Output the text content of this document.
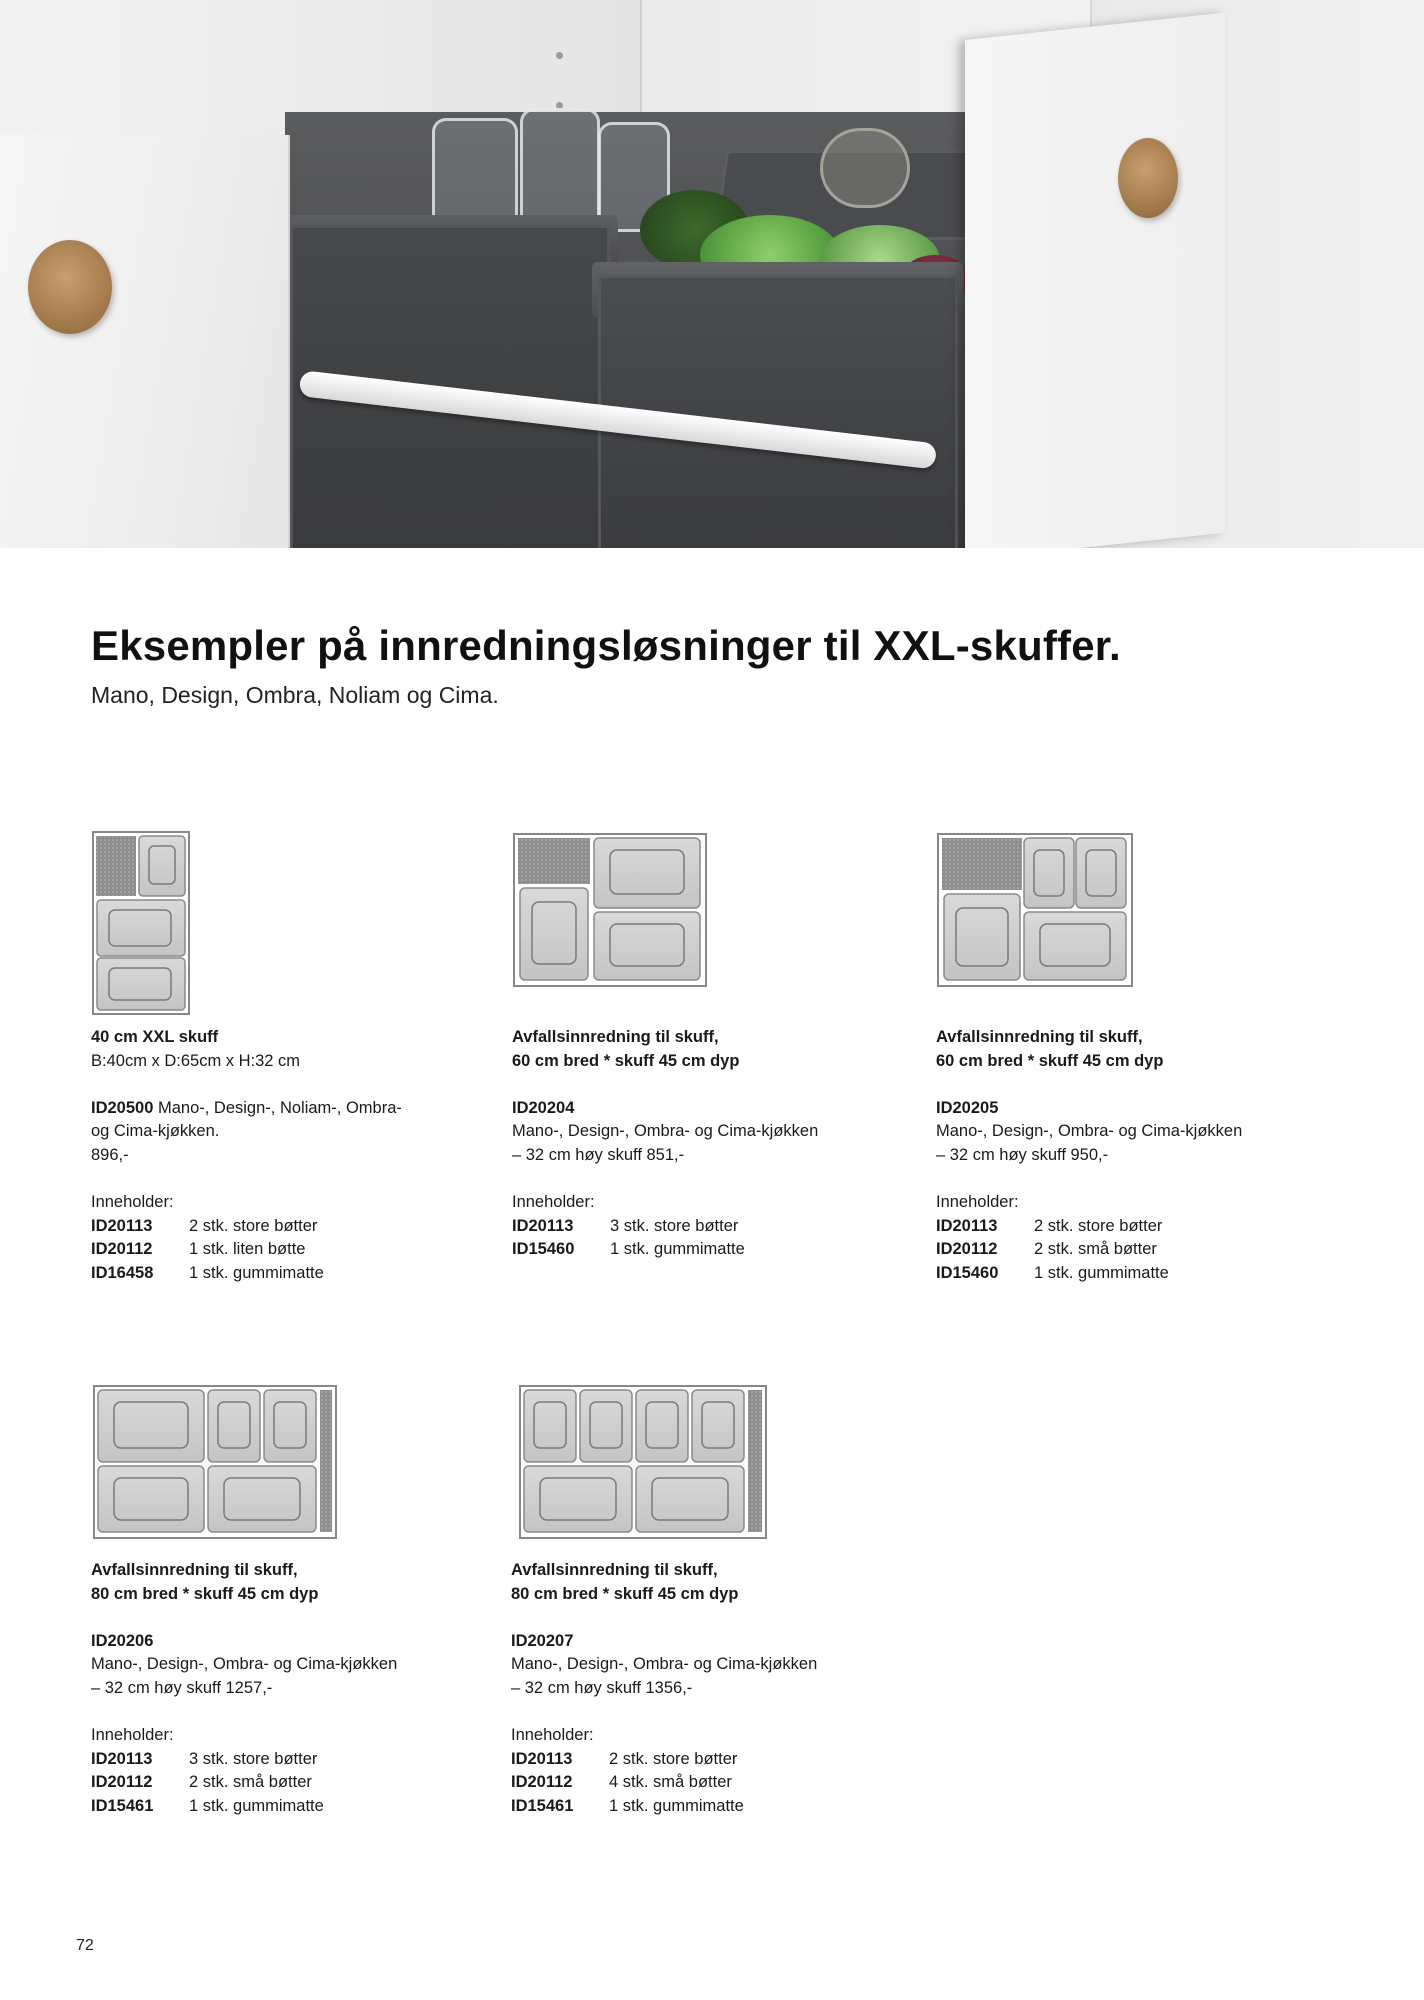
Eksempler på innredningsløsninger til XXL-skuffer.
Mano, Design, Ombra, Noliam og Cima.
40 cm XXL skuff
B:40cm x D:65cm x H:32 cm
ID20500 Mano-, Design-, Noliam-, Ombra-
og Cima-kjøkken.
896,-
Inneholder:
ID20113	2 stk. store bøtter
ID20112	1 stk. liten bøtte
ID16458	1 stk. gummimatte
Avfallsinnredning til skuff,
60 cm bred * skuff 45 cm dyp
ID20204
Mano-, Design-, Ombra- og Cima-kjøkken
– 32 cm høy skuff 851,-
Inneholder:
ID20113	3 stk. store bøtter
ID15460	1 stk. gummimatte
Avfallsinnredning til skuff,
60 cm bred * skuff 45 cm dyp
ID20205
Mano-, Design-, Ombra- og Cima-kjøkken
– 32 cm høy skuff 950,-
Inneholder:
ID20113	2 stk. store bøtter
ID20112	2 stk. små bøtter
ID15460	1 stk. gummimatte
Avfallsinnredning til skuff,
80 cm bred * skuff 45 cm dyp
ID20206
Mano-, Design-, Ombra- og Cima-kjøkken
– 32 cm høy skuff 1257,-
Inneholder:
ID20113	3 stk. store bøtter
ID20112	2 stk. små bøtter
ID15461	1 stk. gummimatte
Avfallsinnredning til skuff,
80 cm bred * skuff 45 cm dyp
ID20207
Mano-, Design-, Ombra- og Cima-kjøkken
– 32 cm høy skuff 1356,-
Inneholder:
ID20113	2 stk. store bøtter
ID20112	4 stk. små bøtter
ID15461	1 stk. gummimatte
72
